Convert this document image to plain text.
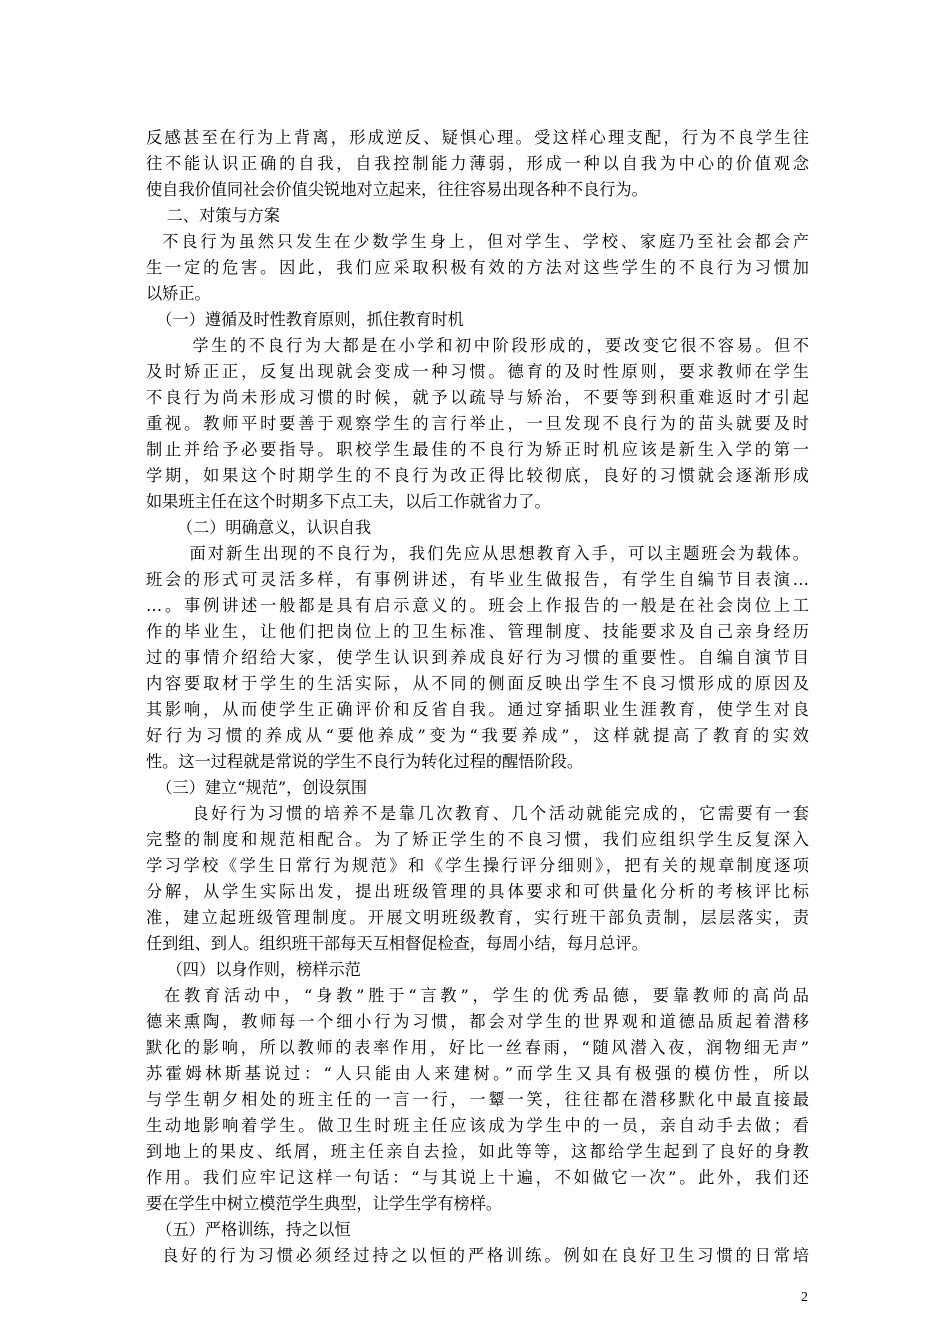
反感甚至在行为上背离，形成逆反、疑惧心理。受这样心理支配，行为不良学生往
往不能认识正确的自我，自我控制能力薄弱，形成一种以自我为中心的价值观念
使自我价值同社会价值尖锐地对立起来，往往容易出现各种不良行为。
二、对策与方案
不良行为虽然只发生在少数学生身上，但对学生、学校、家庭乃至社会都会产
生一定的危害。因此，我们应采取积极有效的方法对这些学生的不良行为习惯加
以矫正。
（一）遵循及时性教育原则，抓住教育时机
学生的不良行为大都是在小学和初中阶段形成的，要改变它很不容易。但不
及时矫正正，反复出现就会变成一种习惯。德育的及时性原则，要求教师在学生
不良行为尚未形成习惯的时候，就予以疏导与矫治，不要等到积重难返时才引起
重视。教师平时要善于观察学生的言行举止，一旦发现不良行为的苗头就要及时
制止并给予必要指导。职校学生最佳的不良行为矫正时机应该是新生入学的第一
学期，如果这个时期学生的不良行为改正得比较彻底，良好的习惯就会逐渐形成
如果班主任在这个时期多下点工夫，以后工作就省力了。
（二）明确意义，认识自我
面对新生出现的不良行为，我们先应从思想教育入手，可以主题班会为载体。
班会的形式可灵活多样，有事例讲述，有毕业生做报告，有学生自编节目表演…
…。事例讲述一般都是具有启示意义的。班会上作报告的一般是在社会岗位上工
作的毕业生，让他们把岗位上的卫生标准、管理制度、技能要求及自己亲身经历
过的事情介绍给大家，使学生认识到养成良好行为习惯的重要性。自编自演节目
内容要取材于学生的生活实际，从不同的侧面反映出学生不良习惯形成的原因及
其影响，从而使学生正确评价和反省自我。通过穿插职业生涯教育，使学生对良
好行为习惯的养成从“要他养成”变为“我要养成”，这样就提高了教育的实效
性。这一过程就是常说的学生不良行为转化过程的醒悟阶段。
（三）建立“规范”，创设氛围
良好行为习惯的培养不是靠几次教育、几个活动就能完成的，它需要有一套
完整的制度和规范相配合。为了矫正学生的不良习惯，我们应组织学生反复深入
学习学校《学生日常行为规范》和《学生操行评分细则》，把有关的规章制度逐项
分解，从学生实际出发，提出班级管理的具体要求和可供量化分析的考核评比标
准，建立起班级管理制度。开展文明班级教育，实行班干部负责制，层层落实，责
任到组、到人。组织班干部每天互相督促检查，每周小结，每月总评。
（四）以身作则，榜样示范
在教育活动中，“身教”胜于“言教”，学生的优秀品德，要靠教师的高尚品
德来熏陶，教师每一个细小行为习惯，都会对学生的世界观和道德品质起着潜移
默化的影响，所以教师的表率作用，好比一丝春雨，“随风潜入夜，润物细无声”
苏霍姆林斯基说过：“人只能由人来建树。”而学生又具有极强的模仿性，所以
与学生朝夕相处的班主任的一言一行，一颦一笑，往往都在潜移默化中最直接最
生动地影响着学生。做卫生时班主任应该成为学生中的一员，亲自动手去做；看
到地上的果皮、纸屑，班主任亲自去捡，如此等等，这都给学生起到了良好的身教
作用。我们应牢记这样一句话：“与其说上十遍，不如做它一次”。此外，我们还
要在学生中树立模范学生典型，让学生学有榜样。
（五）严格训练，持之以恒
良好的行为习惯必须经过持之以恒的严格训练。例如在良好卫生习惯的日常培
2
